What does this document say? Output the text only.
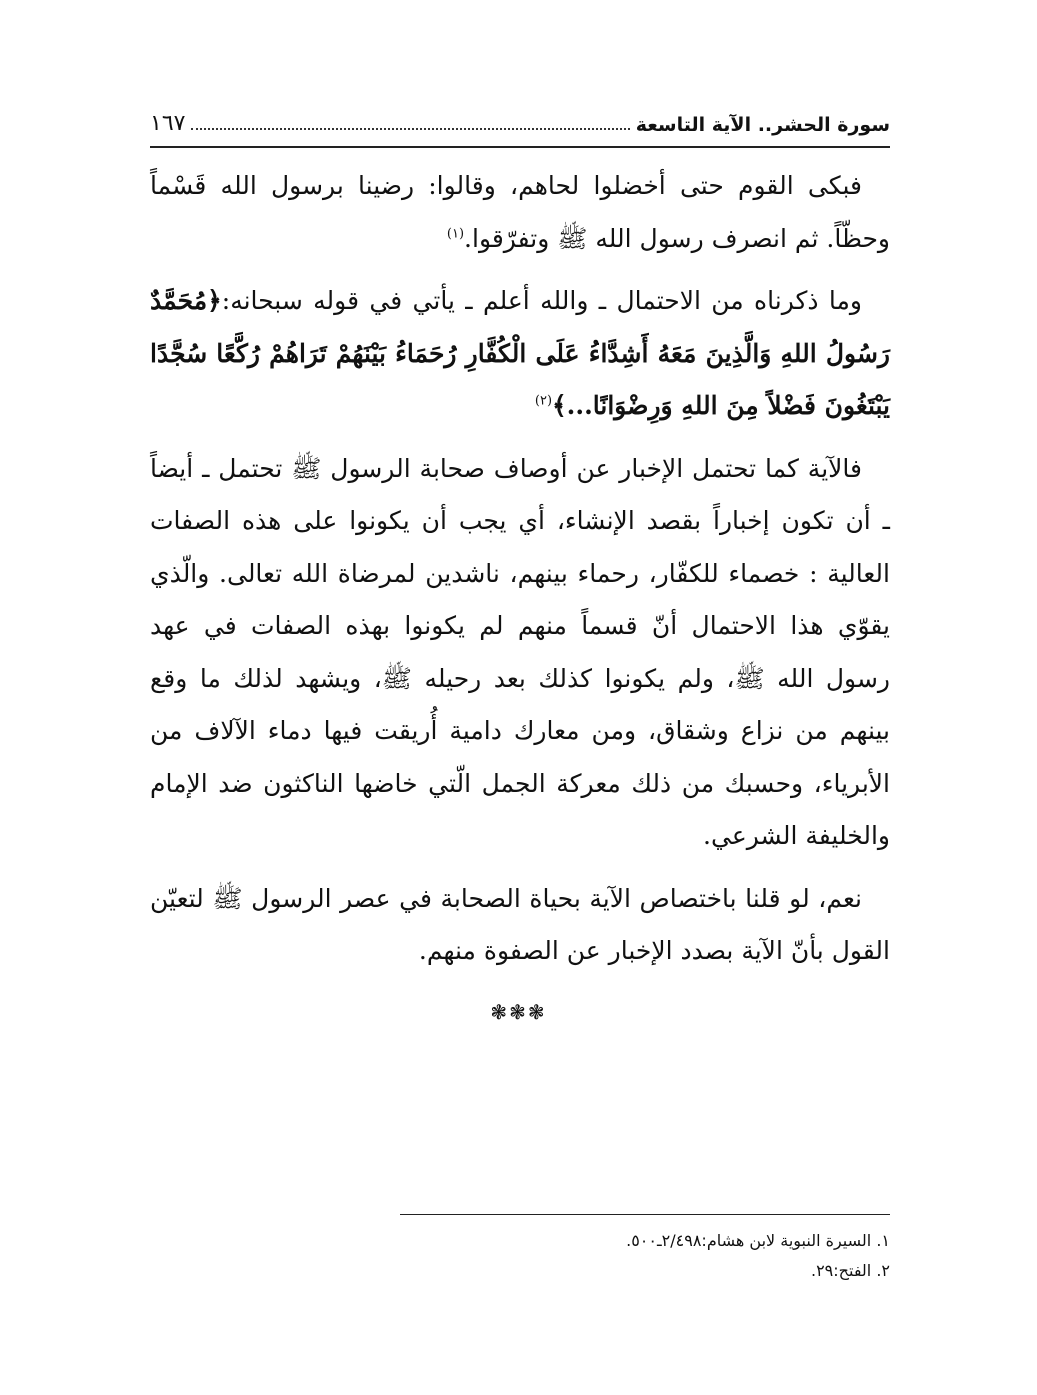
سورة الحشر.. الآية التاسعة
١٦٧

فبكى القوم حتى أخضلوا لحاهم، وقالوا: رضينا برسول الله قَسْماً وحظّاً. ثم انصرف رسول الله ﷺ وتفرّقوا.$^{(١)}$

وما ذكرناه من الاحتمال ـ والله أعلم ـ يأتي في قوله سبحانه:﴿مُحَمَّدٌ رَسُولُ اللهِ وَالَّذِينَ مَعَهُ أَشِدَّاءُ عَلَى الْكُفَّارِ رُحَمَاءُ بَيْنَهُمْ تَرَاهُمْ رُكَّعًا سُجَّدًا يَبْتَغُونَ فَضْلاً مِنَ اللهِ وَرِضْوَانًا...﴾$^{(٢)}$

فالآية كما تحتمل الإخبار عن أوصاف صحابة الرسول ﷺ تحتمل ـ أيضاً ـ أن تكون إخباراً بقصد الإنشاء، أي يجب أن يكونوا على هذه الصفات العالية : خصماء للكفّار، رحماء بينهم، ناشدين لمرضاة الله تعالى. والّذي يقوّي هذا الاحتمال أنّ قسماً منهم لم يكونوا بهذه الصفات في عهد رسول الله ﷺ، ولم يكونوا كذلك بعد رحيله ﷺ، ويشهد لذلك ما وقع بينهم من نزاع وشقاق، ومن معارك دامية أُريقت فيها دماء الآلاف من الأبرياء، وحسبك من ذلك معركة الجمل الّتي خاضها الناكثون ضد الإمام والخليفة الشرعي.

نعم، لو قلنا باختصاص الآية بحياة الصحابة في عصر الرسول ﷺ لتعيّن القول بأنّ الآية بصدد الإخبار عن الصفوة منهم.

❃❃❃
١. السيرة النبوية لابن هشام:٢/٤٩٨ـ٥٠٠.
٢. الفتح:٢٩.
